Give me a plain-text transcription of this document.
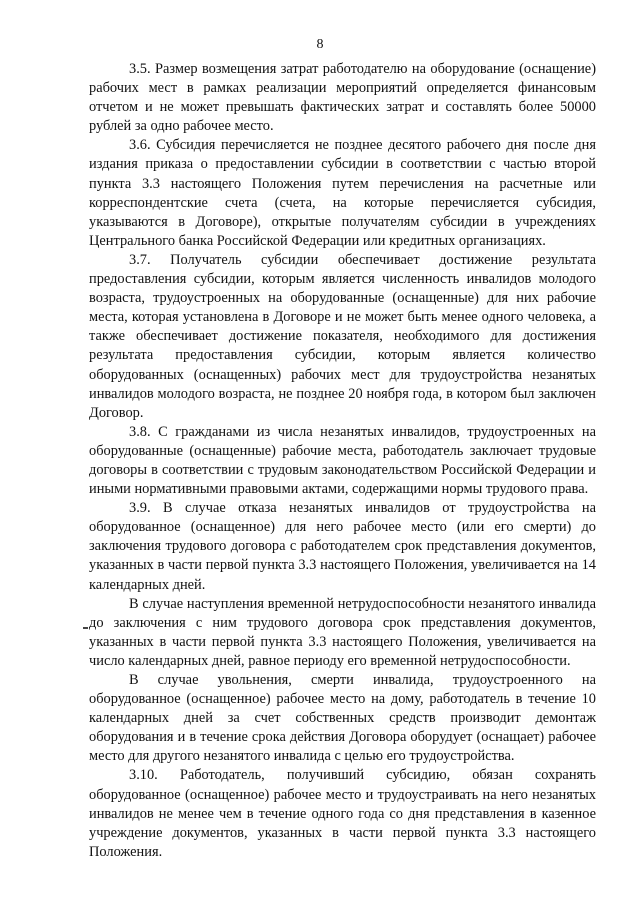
8

3.5. Размер возмещения затрат работодателю на оборудование (оснащение) рабочих мест в рамках реализации мероприятий определяется финансовым отчетом и не может превышать фактических затрат и составлять более 50000 рублей за одно рабочее место.

3.6. Субсидия перечисляется не позднее десятого рабочего дня после дня издания приказа о предоставлении субсидии в соответствии с частью второй пункта 3.3 настоящего Положения путем перечисления на расчетные или корреспондентские счета (счета, на которые перечисляется субсидия, указываются в Договоре), открытые получателям субсидии в учреждениях Центрального банка Российской Федерации или кредитных организациях.

3.7. Получатель субсидии обеспечивает достижение результата предоставления субсидии, которым является численность инвалидов молодого возраста, трудоустроенных на оборудованные (оснащенные) для них рабочие места, которая установлена в Договоре и не может быть менее одного человека, а также обеспечивает достижение показателя, необходимого для достижения результата предоставления субсидии, которым является количество оборудованных (оснащенных) рабочих мест для трудоустройства незанятых инвалидов молодого возраста, не позднее 20 ноября года, в котором был заключен Договор.

3.8. С гражданами из числа незанятых инвалидов, трудоустроенных на оборудованные (оснащенные) рабочие места, работодатель заключает трудовые договоры в соответствии с трудовым законодательством Российской Федерации и иными нормативными правовыми актами, содержащими нормы трудового права.

3.9. В случае отказа незанятых инвалидов от трудоустройства на оборудованное (оснащенное) для него рабочее место (или его смерти) до заключения трудового договора с работодателем срок представления документов, указанных в части первой пункта 3.3 настоящего Положения, увеличивается на 14 календарных дней.

В случае наступления временной нетрудоспособности незанятого инвалида до заключения с ним трудового договора срок представления документов, указанных в части первой пункта 3.3 настоящего Положения, увеличивается на число календарных дней, равное периоду его временной нетрудоспособности.

В случае увольнения, смерти инвалида, трудоустроенного на оборудованное (оснащенное) рабочее место на дому, работодатель в течение 10 календарных дней за счет собственных средств производит демонтаж оборудования и в течение срока действия Договора оборудует (оснащает) рабочее место для другого незанятого инвалида с целью его трудоустройства.

3.10. Работодатель, получивший субсидию, обязан сохранять оборудованное (оснащенное) рабочее место и трудоустраивать на него незанятых инвалидов не менее чем в течение одного года со дня представления в казенное учреждение документов, указанных в части первой пункта 3.3 настоящего Положения.
